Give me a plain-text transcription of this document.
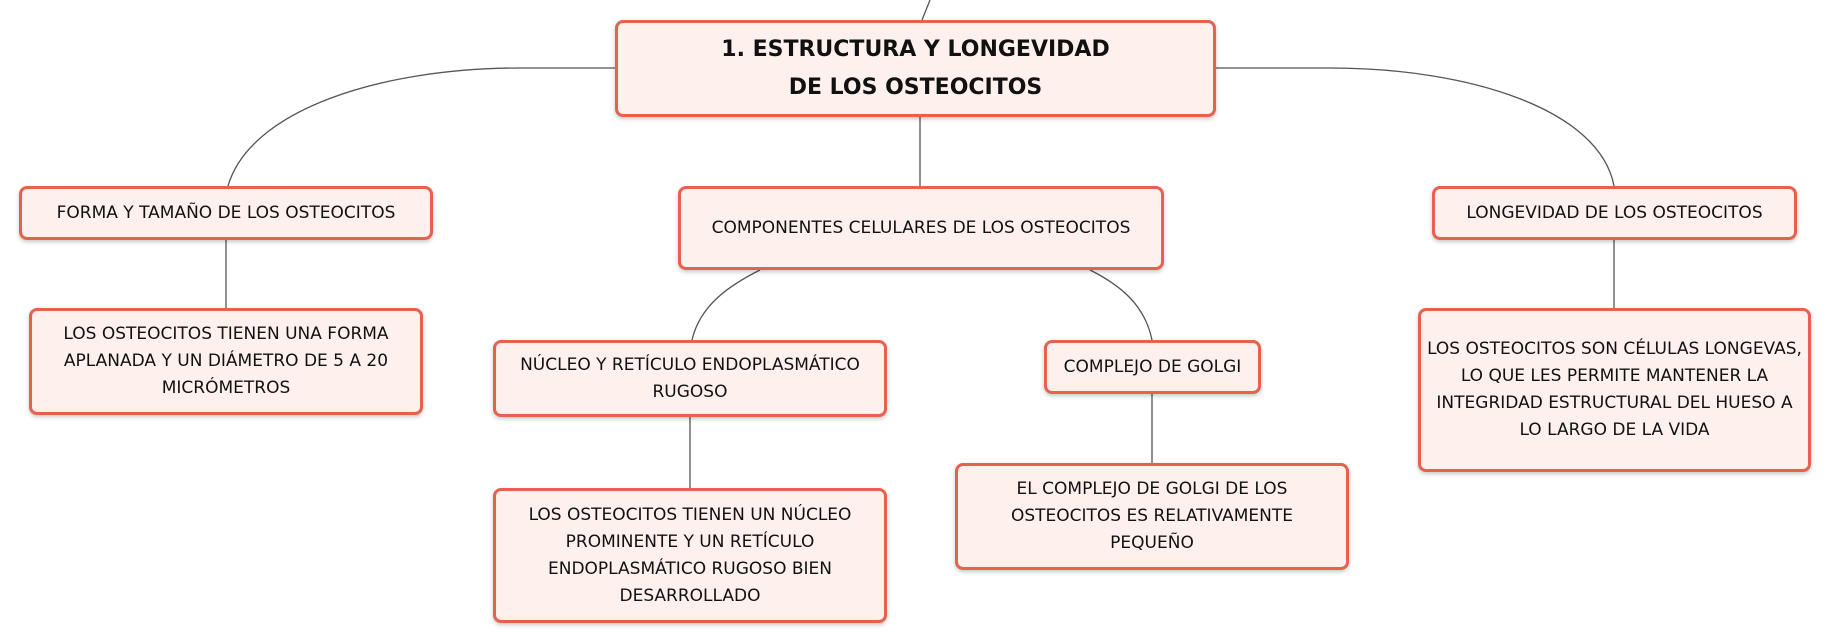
1. ESTRUCTURA Y LONGEVIDAD DE LOS OSTEOCITOS
FORMA Y TAMAÑO DE LOS OSTEOCITOS
COMPONENTES CELULARES DE LOS OSTEOCITOS
LONGEVIDAD DE LOS OSTEOCITOS
LOS OSTEOCITOS TIENEN UNA FORMA APLANADA Y UN DIÁMETRO DE 5 A 20 MICRÓMETROS
NÚCLEO Y RETÍCULO ENDOPLASMÁTICO RUGOSO
COMPLEJO DE GOLGI
LOS OSTEOCITOS SON CÉLULAS LONGEVAS, LO QUE LES PERMITE MANTENER LA INTEGRIDAD ESTRUCTURAL DEL HUESO A LO LARGO DE LA VIDA
LOS OSTEOCITOS TIENEN UN NÚCLEO PROMINENTE Y UN RETÍCULO ENDOPLASMÁTICO RUGOSO BIEN DESARROLLADO
EL COMPLEJO DE GOLGI DE LOS OSTEOCITOS ES RELATIVAMENTE PEQUEÑO
